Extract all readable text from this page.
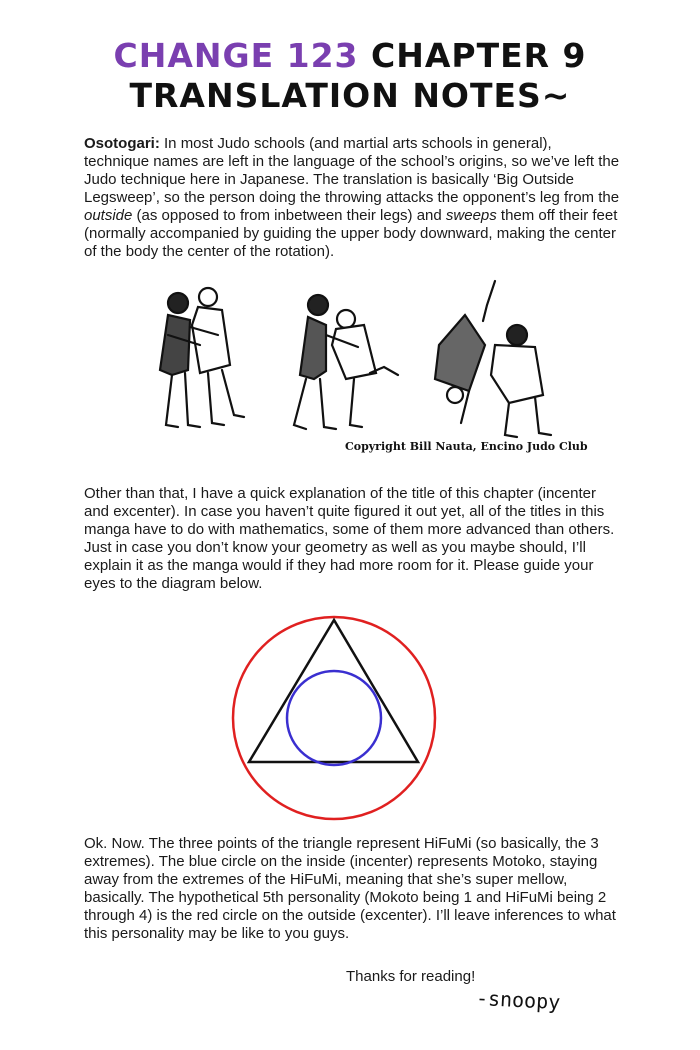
CHANGE 123 CHAPTER 9
TRANSLATION NOTES~

Osotogari: In most Judo schools (and martial arts schools in general), technique names are left in the language of the school’s origins, so we’ve left the Judo technique here in Japanese. The translation is basically ‘Big Outside Legsweep’, so the person doing the throwing attacks the opponent’s leg from the outside (as opposed to from inbetween their legs) and sweeps them off their feet (normally accompanied by guiding the upper body downward, making the center of the body the center of the rotation).

Copyright Bill Nauta, Encino Judo Club

Other than that, I have a quick explanation of the title of this chapter (incenter and excenter). In case you haven’t quite figured it out yet, all of the titles in this manga have to do with mathematics, some of them more advanced than others. Just in case you don’t know your geometry as well as you maybe should, I’ll explain it as the manga would if they had more room for it. Please guide your eyes to the diagram below.

Ok. Now. The three points of the triangle represent HiFuMi (so basically, the 3 extremes). The blue circle on the inside (incenter) represents Motoko, staying away from the extremes of the HiFuMi, meaning that she’s super mellow, basically. The hypothetical 5th personality (Mokoto being 1 and HiFuMi being 2 through 4) is the red circle on the outside (excenter). I’ll leave inferences to what this personality may be like to you guys.

Thanks for reading!
-snoopy
